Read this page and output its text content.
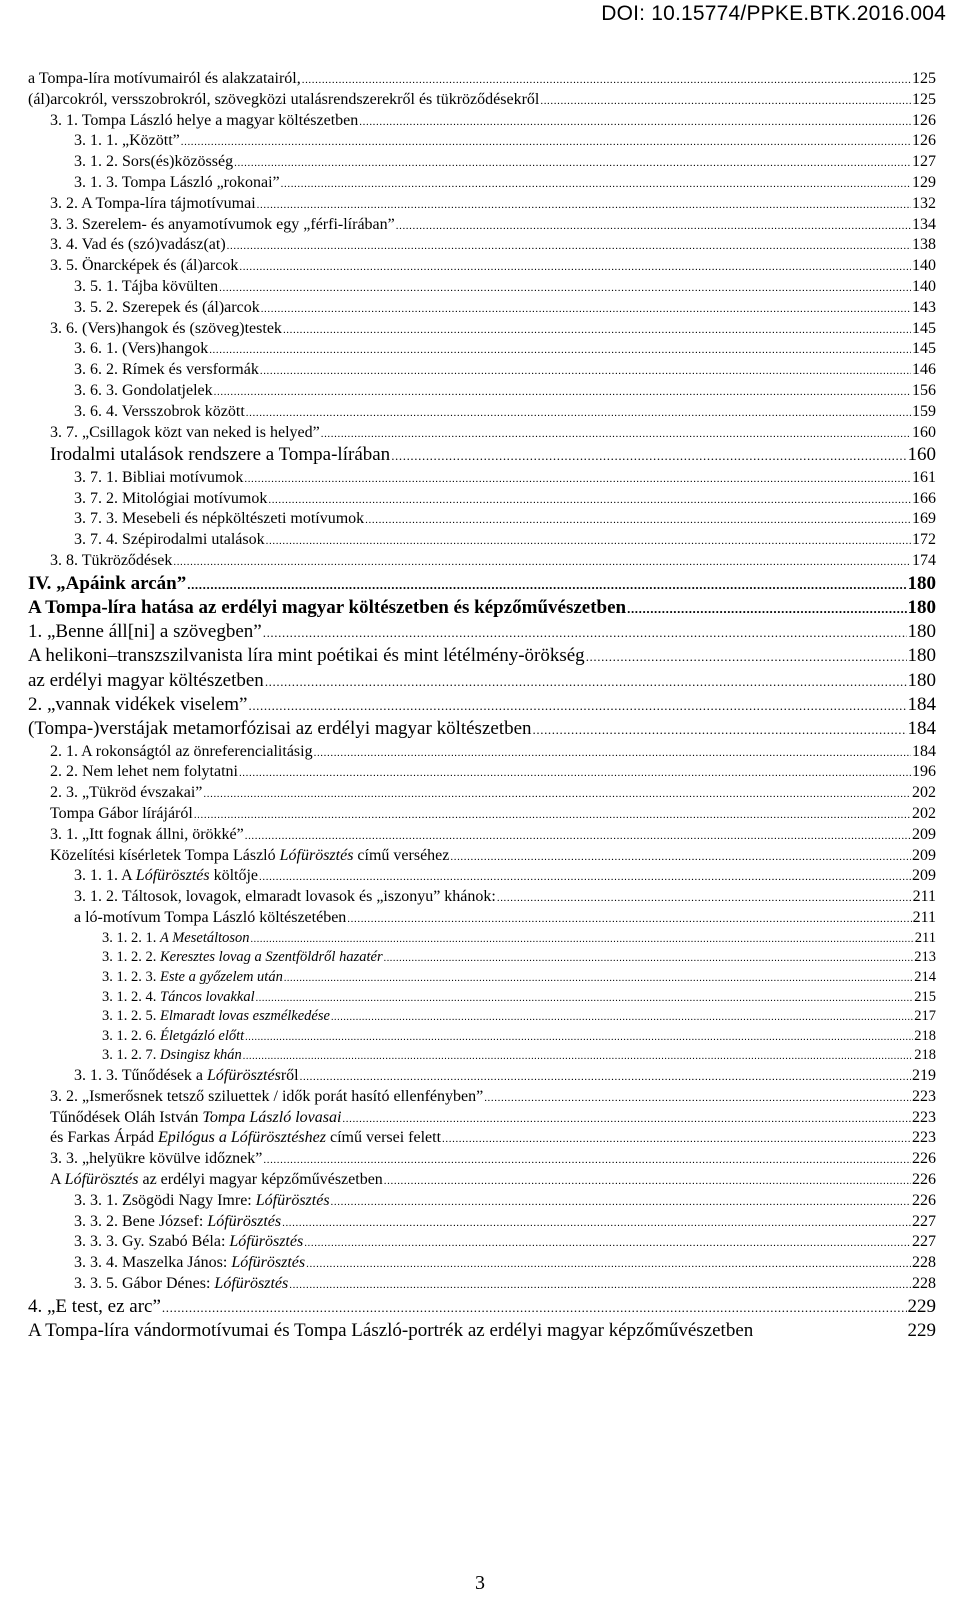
DOI: 10.15774/PPKE.BTK.2016.004
a Tompa-líra motívumairól és alakzatairól, .....	125
(ál)arcokról, versszobrokról, szövegközi utalásrendszerekről és tükröződésekről .....	125
3. 1. Tompa László helye a magyar költészetben .....	126
3. 1. 1. „Között” .....	126
3. 1. 2. Sors(és)közösség .....	127
3. 1. 3. Tompa László „rokonai” .....	129
3. 2. A Tompa-líra tájmotívumai .....	132
3. 3. Szerelem- és anyamotívumok egy „férfi-lírában” .....	134
3. 4. Vad és (szó)vadász(at) .....	138
3. 5. Önarcképek és (ál)arcok .....	140
3. 5. 1. Tájba kövülten .....	140
3. 5. 2. Szerepek és (ál)arcok .....	143
3. 6. (Vers)hangok és (szöveg)testek .....	145
3. 6. 1. (Vers)hangok .....	145
3. 6. 2. Rímek és versformák .....	146
3. 6. 3. Gondolatjelek .....	156
3. 6. 4. Versszobrok között .....	159
3. 7. „Csillagok közt van neked is helyed” .....	160
Irodalmi utalások rendszere a Tompa-lírában .....	160
3. 7. 1. Bibliai motívumok .....	161
3. 7. 2. Mitológiai motívumok .....	166
3. 7. 3. Mesebeli és népköltészeti motívumok .....	169
3. 7. 4. Szépirodalmi utalások .....	172
3. 8. Tükröződések .....	174
IV. „Apáink arcán” .....	180
A Tompa-líra hatása az erdélyi magyar költészetben és képzőművészetben .....	180
1. „Benne áll[ni] a szövegben” .....	180
A helikoni–transzszilvanista líra mint poétikai és mint létélmény-örökség .....	180
az erdélyi magyar költészetben .....	180
2. „vannak vidékek viselem” .....	184
(Tompa-)verstájak metamorfózisai az erdélyi magyar költészetben .....	184
2. 1. A rokonságtól az önreferencialitásig .....	184
2. 2. Nem lehet nem folytatni .....	196
2. 3. „Tükröd évszakai” .....	202
Tompa Gábor lírájáról .....	202
3. 1. „Itt fognak állni, örökké” .....	209
Közelítési kísérletek Tompa László Lófürösztés című verséhez .....	209
3. 1. 1. A Lófürösztés költője .....	209
3. 1. 2. Táltosok, lovagok, elmaradt lovasok és „iszonyu” khánok: .....	211
a ló-motívum Tompa László költészetében .....	211
3. 1. 2. 1. A Mesetáltoson .....	211
3. 1. 2. 2. Keresztes lovag a Szentföldről hazatér .....	213
3. 1. 2. 3. Este a győzelem után .....	214
3. 1. 2. 4. Táncos lovakkal .....	215
3. 1. 2. 5. Elmaradt lovas eszmélkedése .....	217
3. 1. 2. 6. Életgázló előtt .....	218
3. 1. 2. 7. Dsingisz khán .....	218
3. 1. 3. Tűnődések a Lófürösztésről .....	219
3. 2. „Ismerősnek tetsző sziluettek / idők porát hasító ellenfényben” .....	223
Tűnődések Oláh István Tompa László lovasai .....	223
és Farkas Árpád Epilógus a Lófürösztéshez című versei felett .....	223
3. 3. „helyükre kövülve időznek” .....	226
A Lófürösztés az erdélyi magyar képzőművészetben .....	226
3. 3. 1. Zsögödi Nagy Imre: Lófürösztés .....	226
3. 3. 2. Bene József: Lófürösztés .....	227
3. 3. 3. Gy. Szabó Béla: Lófürösztés .....	227
3. 3. 4. Maszelka János: Lófürösztés .....	228
3. 3. 5. Gábor Dénes: Lófürösztés .....	228
4. „E test, ez arc” .....	229
A Tompa-líra vándormotívumai és Tompa László-portrék az erdélyi magyar képzőművészetben	229
3
